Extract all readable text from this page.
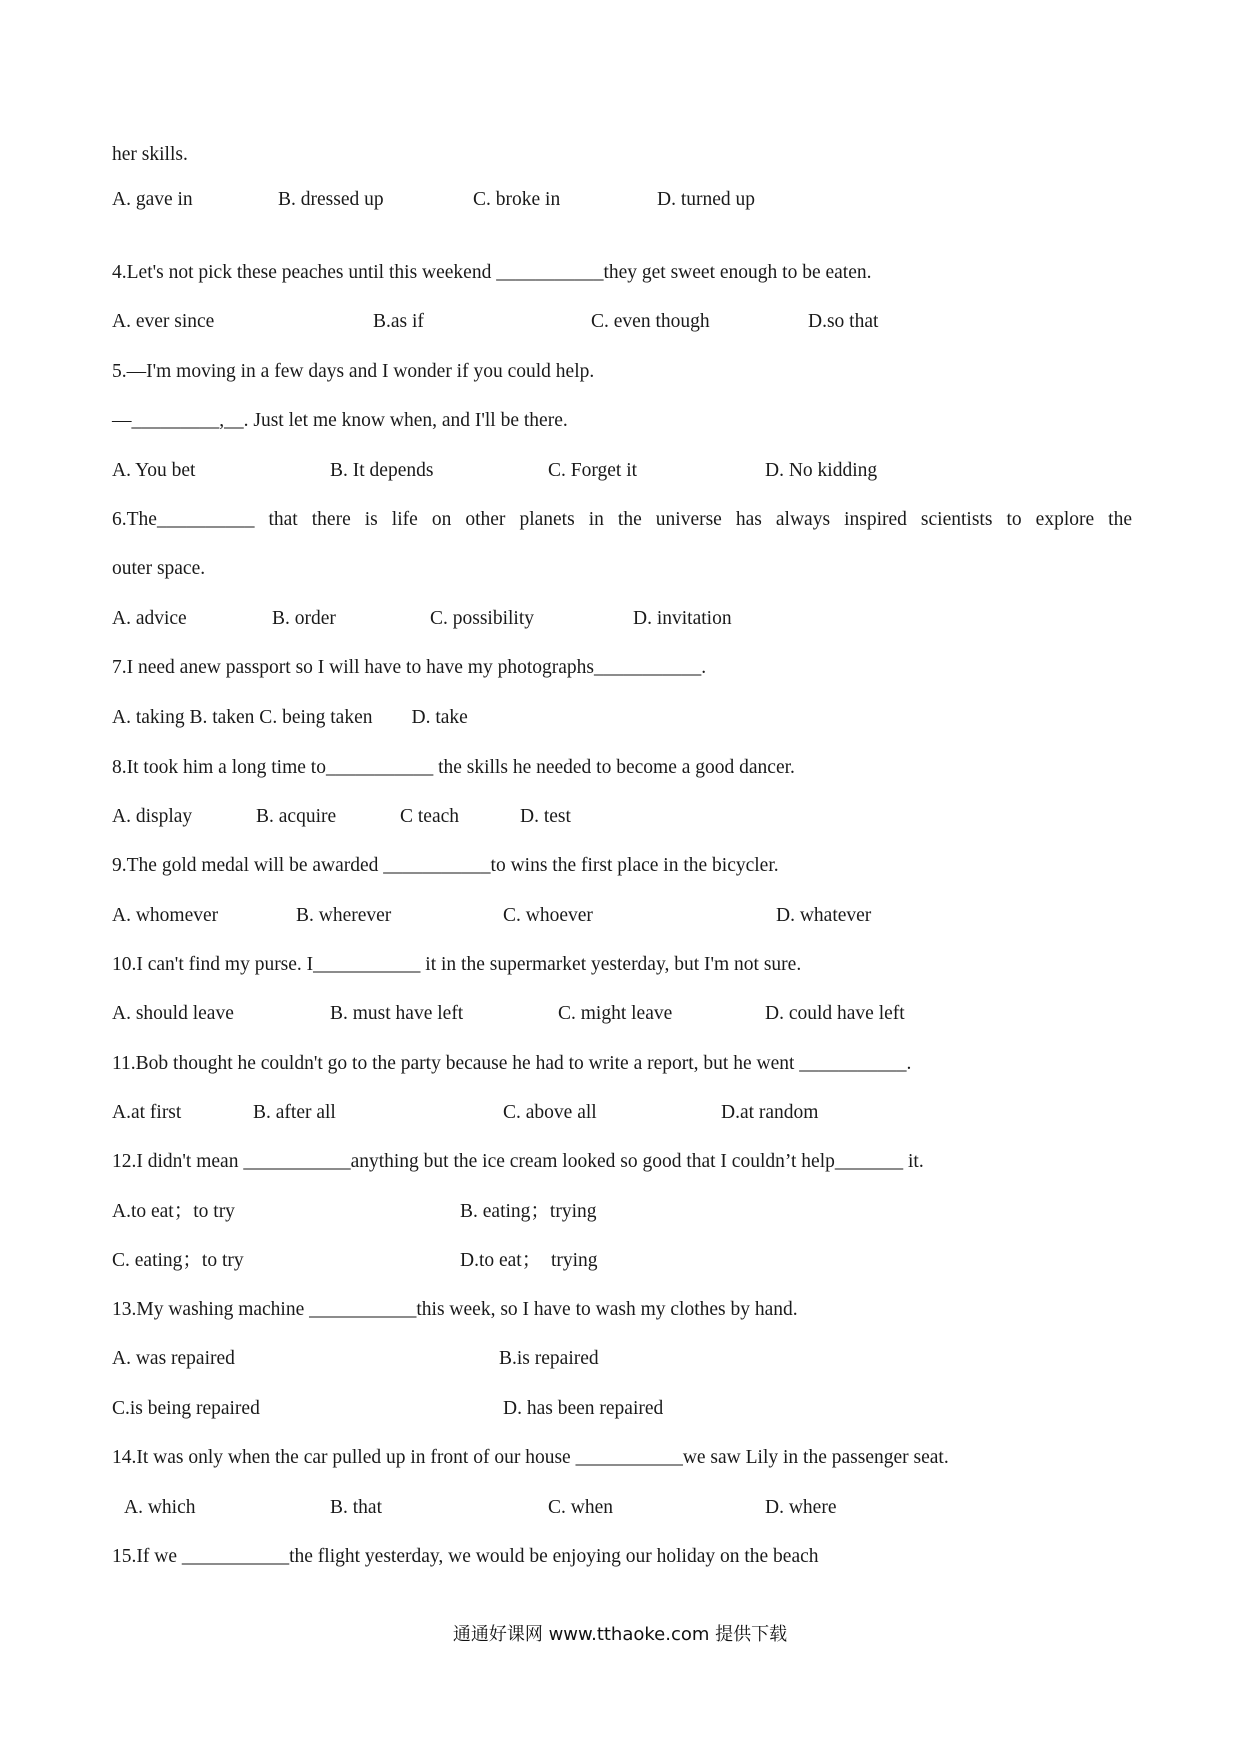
her skills.
A. gave in	B. dressed up	C. broke in	D. turned up
4.Let's not pick these peaches until this weekend ___________they get sweet enough to be eaten.
A. ever since	B.as if	C. even though	D.so that
5.—I'm moving in a few days and I wonder if you could help.
—_________,__. Just let me know when, and I'll be there.
A. You bet	B. It depends	C. Forget it	D. No kidding
6.The__________ that there is life on other planets in the universe has always inspired scientists to explore the
outer space.
A. advice	B. order	C. possibility	D. invitation
7.I need anew passport so I will have to have my photographs___________.
A. taking B. taken C. being taken        D. take
8.It took him a long time to___________ the skills he needed to become a good dancer.
A. display	B. acquire	C teach	D. test
9.The gold medal will be awarded ___________to wins the first place in the bicycler.
A. whomever	B. wherever	C. whoever	D. whatever
10.I can't find my purse. I___________ it in the supermarket yesterday, but I'm not sure.
A. should leave	B. must have left	C. might leave	D. could have left
11.Bob thought he couldn't go to the party because he had to write a report, but he went ___________.
A.at first	B. after all	C. above all	D.at random
12.I didn't mean ___________anything but the ice cream looked so good that I couldn’t help_______ it.
A.to eat；to try	B. eating；trying
C. eating；to try	D.to eat；  trying
13.My washing machine ___________this week, so I have to wash my clothes by hand.
A. was repaired	B.is repaired
C.is being repaired	D. has been repaired
14.It was only when the car pulled up in front of our house ___________we saw Lily in the passenger seat.
A. which	B. that	C. when	D. where
15.If we ___________the flight yesterday, we would be enjoying our holiday on the beach
通通好课网 www.tthaoke.com 提供下载
